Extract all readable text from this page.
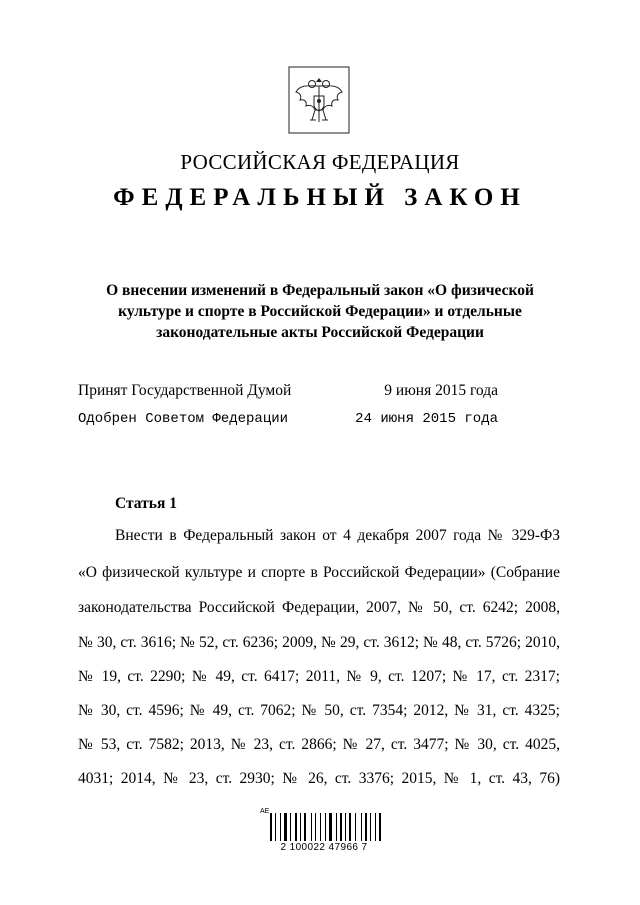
РОССИЙСКАЯ ФЕДЕРАЦИЯ
ФЕДЕРАЛЬНЫЙ ЗАКОН
О внесении изменений в Федеральный закон «О физической
культуре и спорте в Российской Федерации» и отдельные
законодательные акты Российской Федерации
Принят Государственной Думой	9 июня 2015 года
Одобрен Советом Федерации	24 июня 2015 года
Статья 1
Внести в Федеральный закон от 4 декабря 2007 года № 329-ФЗ
«О физической культуре и спорте в Российской Федерации» (Собрание
законодательства Российской Федерации, 2007, № 50, ст. 6242; 2008,
№ 30, ст. 3616; № 52, ст. 6236; 2009, № 29, ст. 3612; № 48, ст. 5726; 2010,
№ 19, ст. 2290; № 49, ст. 6417; 2011, № 9, ст. 1207; № 17, ст. 2317;
№ 30, ст. 4596; № 49, ст. 7062; № 50, ст. 7354; 2012, № 31, ст. 4325;
№ 53, ст. 7582; 2013, № 23, ст. 2866; № 27, ст. 3477; № 30, ст. 4025,
4031; 2014, № 23, ст. 2930; № 26, ст. 3376; 2015, № 1, ст. 43, 76)
АЕ
2 100022 47966 7
